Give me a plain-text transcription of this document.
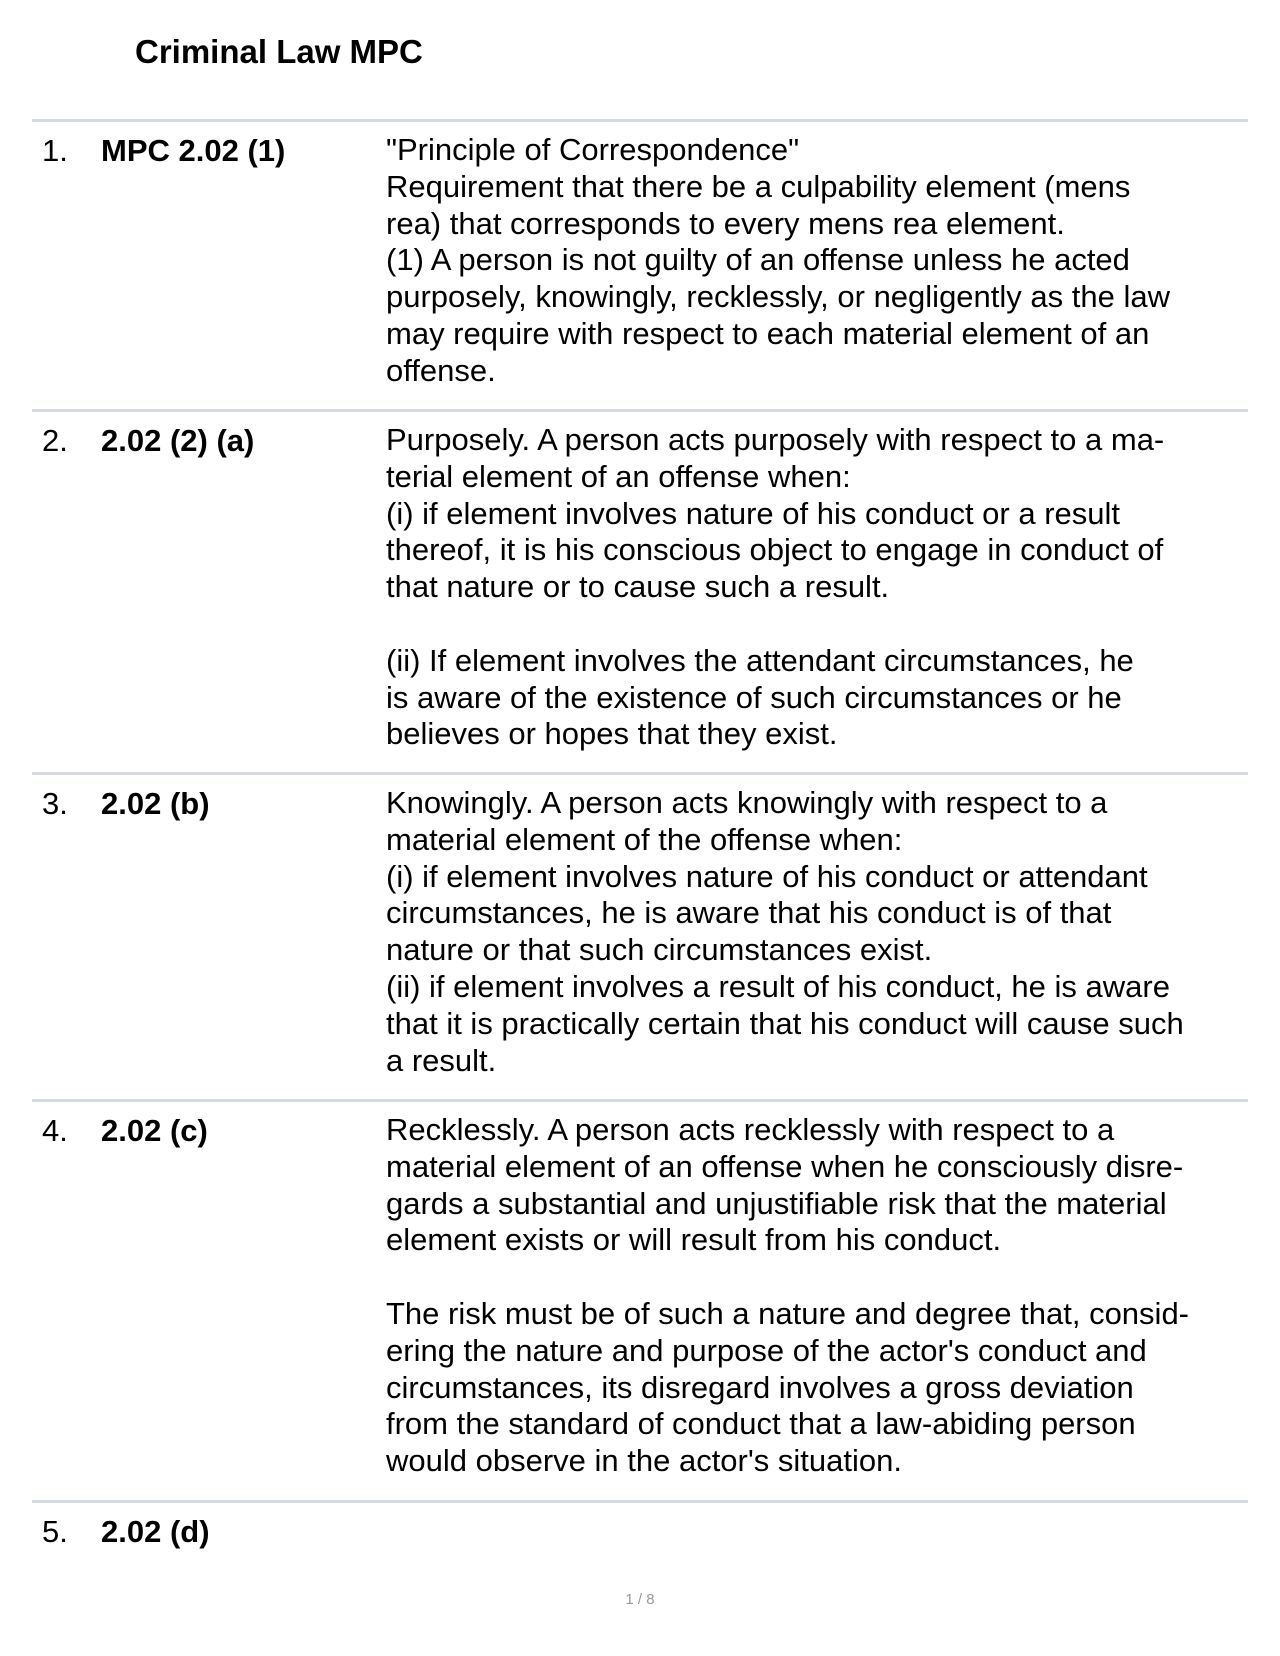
Criminal Law MPC
1. MPC 2.02 (1)	"Principle of Correspondence"
Requirement that there be a culpability element (mens
rea) that corresponds to every mens rea element.
(1) A person is not guilty of an offense unless he acted
purposely, knowingly, recklessly, or negligently as the law
may require with respect to each material element of an
offense.
2. 2.02 (2) (a)	Purposely. A person acts purposely with respect to a ma-
terial element of an offense when:
(i) if element involves nature of his conduct or a result
thereof, it is his conscious object to engage in conduct of
that nature or to cause such a result.
(ii) If element involves the attendant circumstances, he
is aware of the existence of such circumstances or he
believes or hopes that they exist.
3. 2.02 (b)	Knowingly. A person acts knowingly with respect to a
material element of the offense when:
(i) if element involves nature of his conduct or attendant
circumstances, he is aware that his conduct is of that
nature or that such circumstances exist.
(ii) if element involves a result of his conduct, he is aware
that it is practically certain that his conduct will cause such
a result.
4. 2.02 (c)	Recklessly. A person acts recklessly with respect to a
material element of an offense when he consciously disre-
gards a substantial and unjustifiable risk that the material
element exists or will result from his conduct.
The risk must be of such a nature and degree that, consid-
ering the nature and purpose of the actor's conduct and
circumstances, its disregard involves a gross deviation
from the standard of conduct that a law-abiding person
would observe in the actor's situation.
5. 2.02 (d)
1 / 8
